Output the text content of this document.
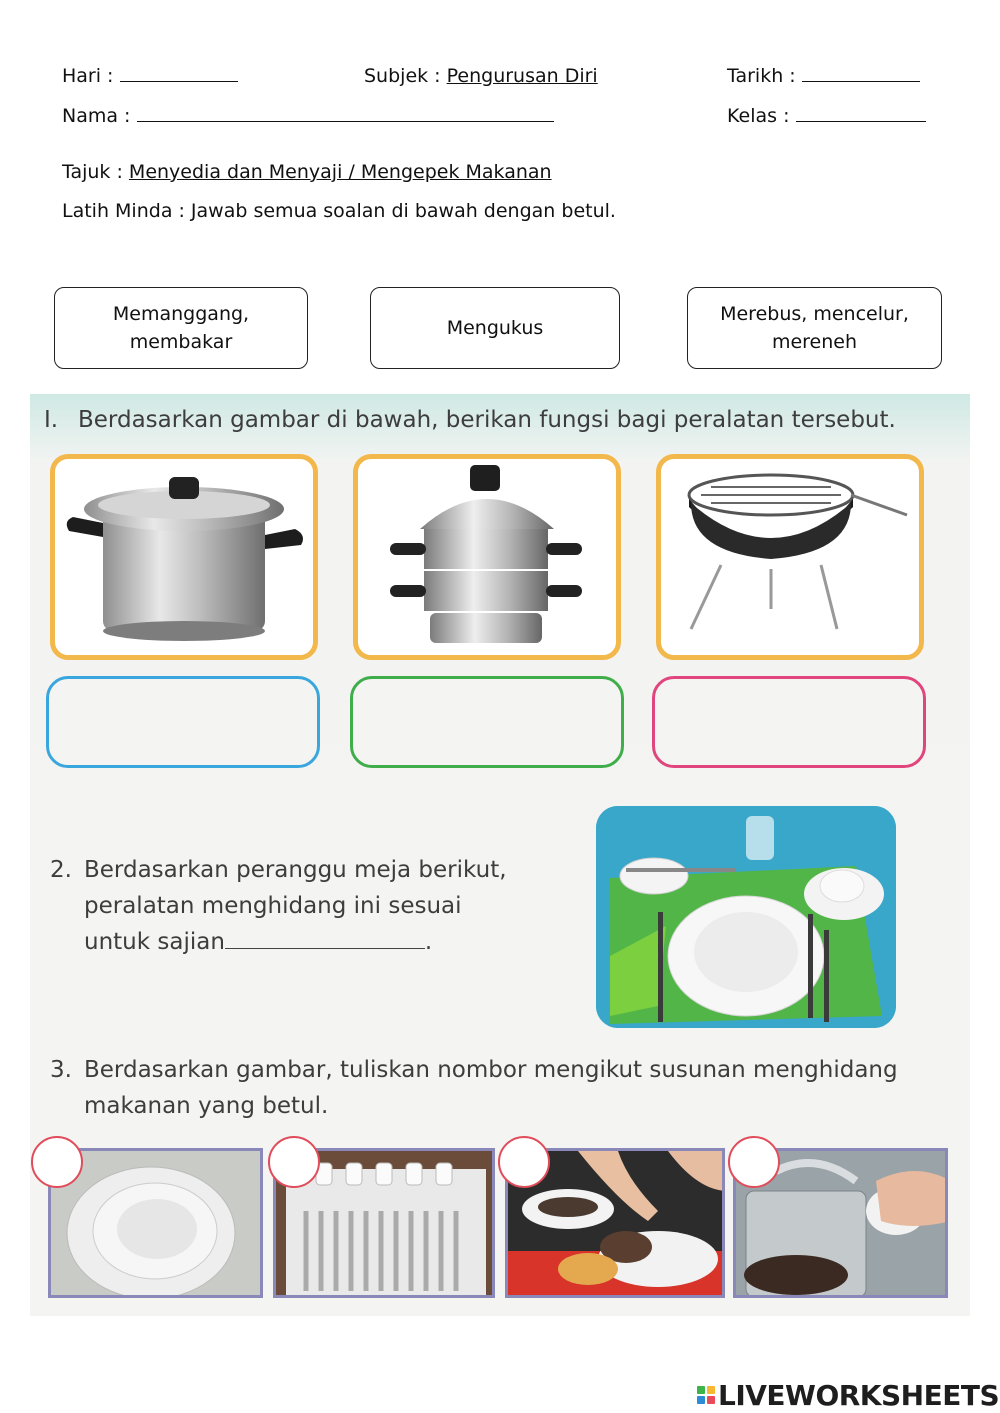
Hari :	Subjek : Pengurusan Diri	Tarikh :
Nama :	Kelas :
Tajuk : Menyedia dan Menyaji / Mengepek Makanan
Latih Minda : Jawab semua soalan di bawah dengan betul.
Memanggang, membakar
Mengukus
Merebus, mencelur, mereneh
I. Berdasarkan gambar di bawah, berikan fungsi bagi peralatan tersebut.
2. Berdasarkan peranggu meja berikut,
peralatan menghidang ini sesuai
untuk sajian	.
3. Berdasarkan gambar, tuliskan nombor mengikut susunan menghidang
makanan yang betul.
LIVEWORKSHEETS
